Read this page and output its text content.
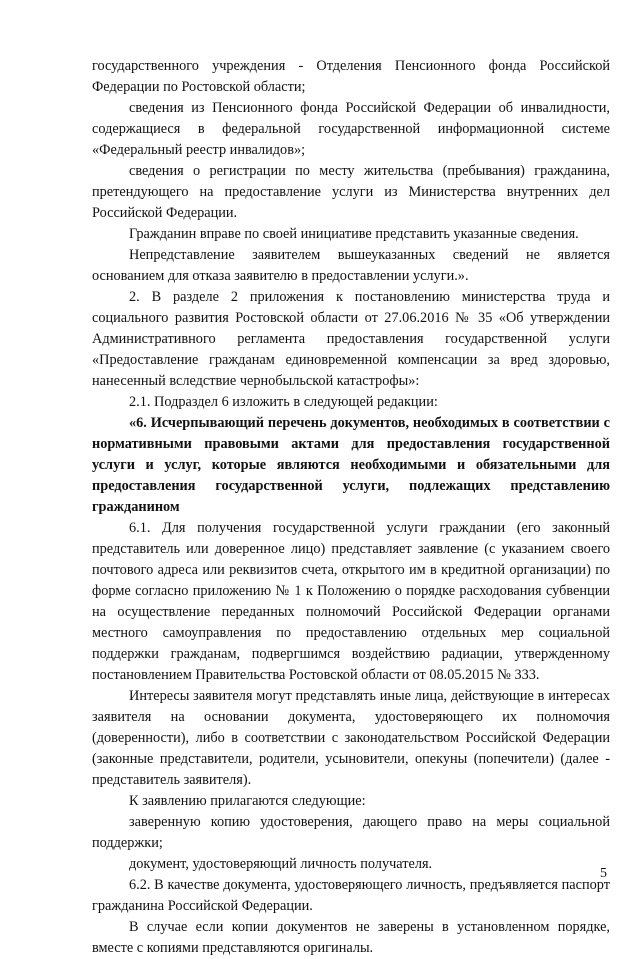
государственного учреждения - Отделения Пенсионного фонда Российской Федерации по Ростовской области;

сведения из Пенсионного фонда Российской Федерации об инвалидности, содержащиеся в федеральной государственной информационной системе «Федеральный реестр инвалидов»;

сведения о регистрации по месту жительства (пребывания) гражданина, претендующего на предоставление услуги из Министерства внутренних дел Российской Федерации.

Гражданин вправе по своей инициативе представить указанные сведения.

Непредставление заявителем вышеуказанных сведений не является основанием для отказа заявителю в предоставлении услуги.».

2. В разделе 2 приложения к постановлению министерства труда и социального развития Ростовской области от 27.06.2016 № 35 «Об утверждении Административного регламента предоставления государственной услуги «Предоставление гражданам единовременной компенсации за вред здоровью, нанесенный вследствие чернобыльской катастрофы»:

2.1. Подраздел 6 изложить в следующей редакции:

«6. Исчерпывающий перечень документов, необходимых в соответствии с нормативными правовыми актами для предоставления государственной услуги и услуг, которые являются необходимыми и обязательными для предоставления государственной услуги, подлежащих представлению гражданином

6.1. Для получения государственной услуги граждании (его законный представитель или доверенное лицо) представляет заявление (с указанием своего почтового адреса или реквизитов счета, открытого им в кредитной организации) по форме согласно приложению № 1 к Положению о порядке расходования субвенции на осуществление переданных полномочий Российской Федерации органами местного самоуправления по предоставлению отдельных мер социальной поддержки гражданам, подвергшимся воздействию радиации, утвержденному постановлением Правительства Ростовской области от 08.05.2015 № 333.

Интересы заявителя могут представлять иные лица, действующие в интересах заявителя на основании документа, удостоверяющего их полномочия (доверенности), либо в соответствии с законодательством Российской Федерации (законные представители, родители, усыновители, опекуны (попечители) (далее - представитель заявителя).

К заявлению прилагаются следующие:

заверенную копию удостоверения, дающего право на меры социальной поддержки;

документ, удостоверяющий личность получателя.

6.2. В качестве документа, удостоверяющего личность, предъявляется паспорт гражданина Российской Федерации.

В случае если копии документов не заверены в установленном порядке, вместе с копиями представляются оригиналы.

5
